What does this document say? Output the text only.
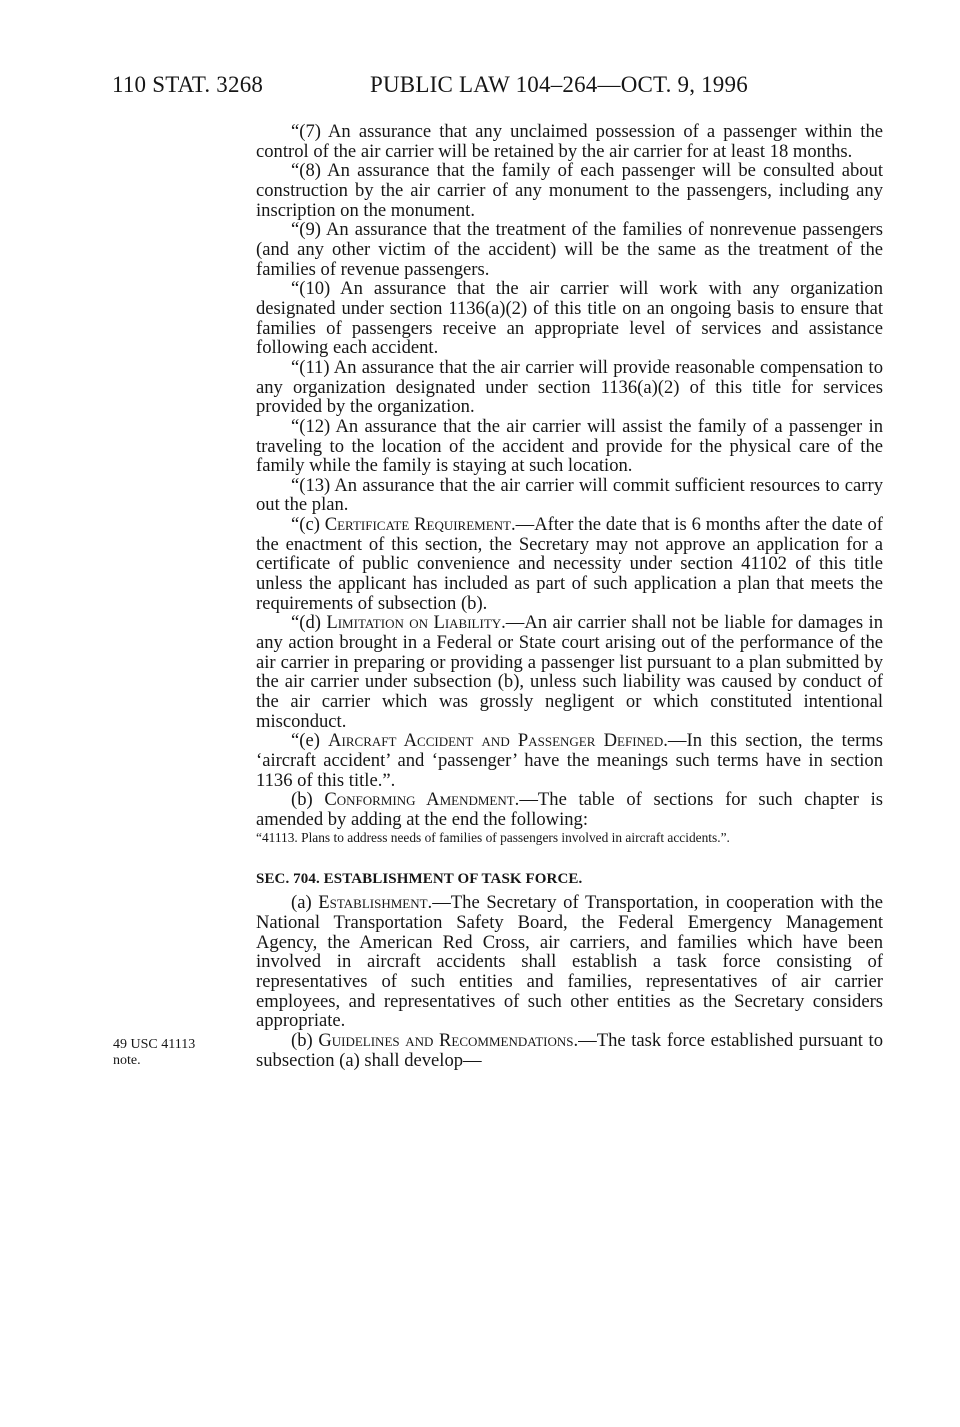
110 STAT. 3268	PUBLIC LAW 104–264—OCT. 9, 1996
49 USC 41113
note.

“(7) An assurance that any unclaimed possession of a passenger within the control of the air carrier will be retained by the air carrier for at least 18 months.

“(8) An assurance that the family of each passenger will be consulted about construction by the air carrier of any monument to the passengers, including any inscription on the monument.

“(9) An assurance that the treatment of the families of nonrevenue passengers (and any other victim of the accident) will be the same as the treatment of the families of revenue passengers.

“(10) An assurance that the air carrier will work with any organization designated under section 1136(a)(2) of this title on an ongoing basis to ensure that families of passengers receive an appropriate level of services and assistance following each accident.

“(11) An assurance that the air carrier will provide reasonable compensation to any organization designated under section 1136(a)(2) of this title for services provided by the organization.

“(12) An assurance that the air carrier will assist the family of a passenger in traveling to the location of the accident and provide for the physical care of the family while the family is staying at such location.

“(13) An assurance that the air carrier will commit sufficient resources to carry out the plan.

“(c) Certificate Requirement.—After the date that is 6 months after the date of the enactment of this section, the Secretary may not approve an application for a certificate of public convenience and necessity under section 41102 of this title unless the applicant has included as part of such application a plan that meets the requirements of subsection (b).

“(d) Limitation on Liability.—An air carrier shall not be liable for damages in any action brought in a Federal or State court arising out of the performance of the air carrier in preparing or providing a passenger list pursuant to a plan submitted by the air carrier under subsection (b), unless such liability was caused by conduct of the air carrier which was grossly negligent or which constituted intentional misconduct.

“(e) Aircraft Accident and Passenger Defined.—In this section, the terms ‘aircraft accident’ and ‘passenger’ have the meanings such terms have in section 1136 of this title.”.

(b) Conforming Amendment.—The table of sections for such chapter is amended by adding at the end the following:

“41113. Plans to address needs of families of passengers involved in aircraft accidents.”.

SEC. 704. ESTABLISHMENT OF TASK FORCE.

(a) Establishment.—The Secretary of Transportation, in cooperation with the National Transportation Safety Board, the Federal Emergency Management Agency, the American Red Cross, air carriers, and families which have been involved in aircraft accidents shall establish a task force consisting of representatives of such entities and families, representatives of air carrier employees, and representatives of such other entities as the Secretary considers appropriate.

(b) Guidelines and Recommendations.—The task force established pursuant to subsection (a) shall develop—
